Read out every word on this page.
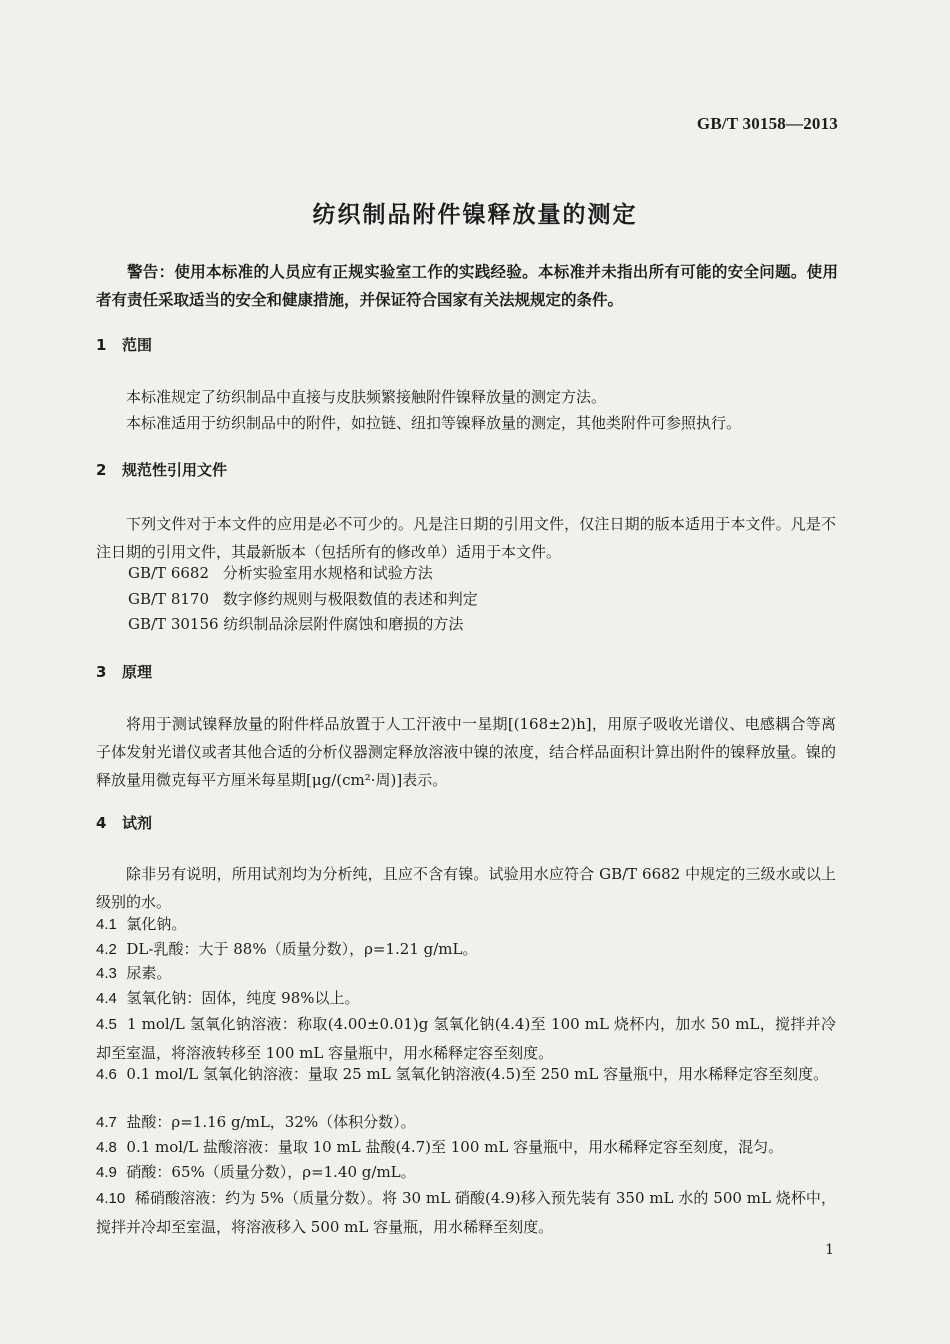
GB/T 30158—2013
纺织制品附件镍释放量的测定
警告：使用本标准的人员应有正规实验室工作的实践经验。本标准并未指出所有可能的安全问题。使用者有责任采取适当的安全和健康措施，并保证符合国家有关法规规定的条件。
1 范围
本标准规定了纺织制品中直接与皮肤频繁接触附件镍释放量的测定方法。
本标准适用于纺织制品中的附件，如拉链、纽扣等镍释放量的测定，其他类附件可参照执行。
2 规范性引用文件
下列文件对于本文件的应用是必不可少的。凡是注日期的引用文件，仅注日期的版本适用于本文件。凡是不注日期的引用文件，其最新版本（包括所有的修改单）适用于本文件。
GB/T 6682 分析实验室用水规格和试验方法
GB/T 8170 数字修约规则与极限数值的表述和判定
GB/T 30156 纺织制品涂层附件腐蚀和磨损的方法
3 原理
将用于测试镍释放量的附件样品放置于人工汗液中一星期[(168±2)h]，用原子吸收光谱仪、电感耦合等离子体发射光谱仪或者其他合适的分析仪器测定释放溶液中镍的浓度，结合样品面积计算出附件的镍释放量。镍的释放量用微克每平方厘米每星期[μg/(cm²·周)]表示。
4 试剂
除非另有说明，所用试剂均为分析纯，且应不含有镍。试验用水应符合 GB/T 6682 中规定的三级水或以上级别的水。
4.1 氯化钠。
4.2 DL-乳酸：大于 88%（质量分数），ρ=1.21 g/mL。
4.3 尿素。
4.4 氢氧化钠：固体，纯度 98%以上。
4.5 1 mol/L 氢氧化钠溶液：称取(4.00±0.01)g 氢氧化钠(4.4)至 100 mL 烧杯内，加水 50 mL，搅拌并冷却至室温，将溶液转移至 100 mL 容量瓶中，用水稀释定容至刻度。
4.6 0.1 mol/L 氢氧化钠溶液：量取 25 mL 氢氧化钠溶液(4.5)至 250 mL 容量瓶中，用水稀释定容至刻度。
4.7 盐酸：ρ=1.16 g/mL，32%（体积分数）。
4.8 0.1 mol/L 盐酸溶液：量取 10 mL 盐酸(4.7)至 100 mL 容量瓶中，用水稀释定容至刻度，混匀。
4.9 硝酸：65%（质量分数），ρ=1.40 g/mL。
4.10 稀硝酸溶液：约为 5%（质量分数）。将 30 mL 硝酸(4.9)移入预先装有 350 mL 水的 500 mL 烧杯中，搅拌并冷却至室温，将溶液移入 500 mL 容量瓶，用水稀释至刻度。
1
